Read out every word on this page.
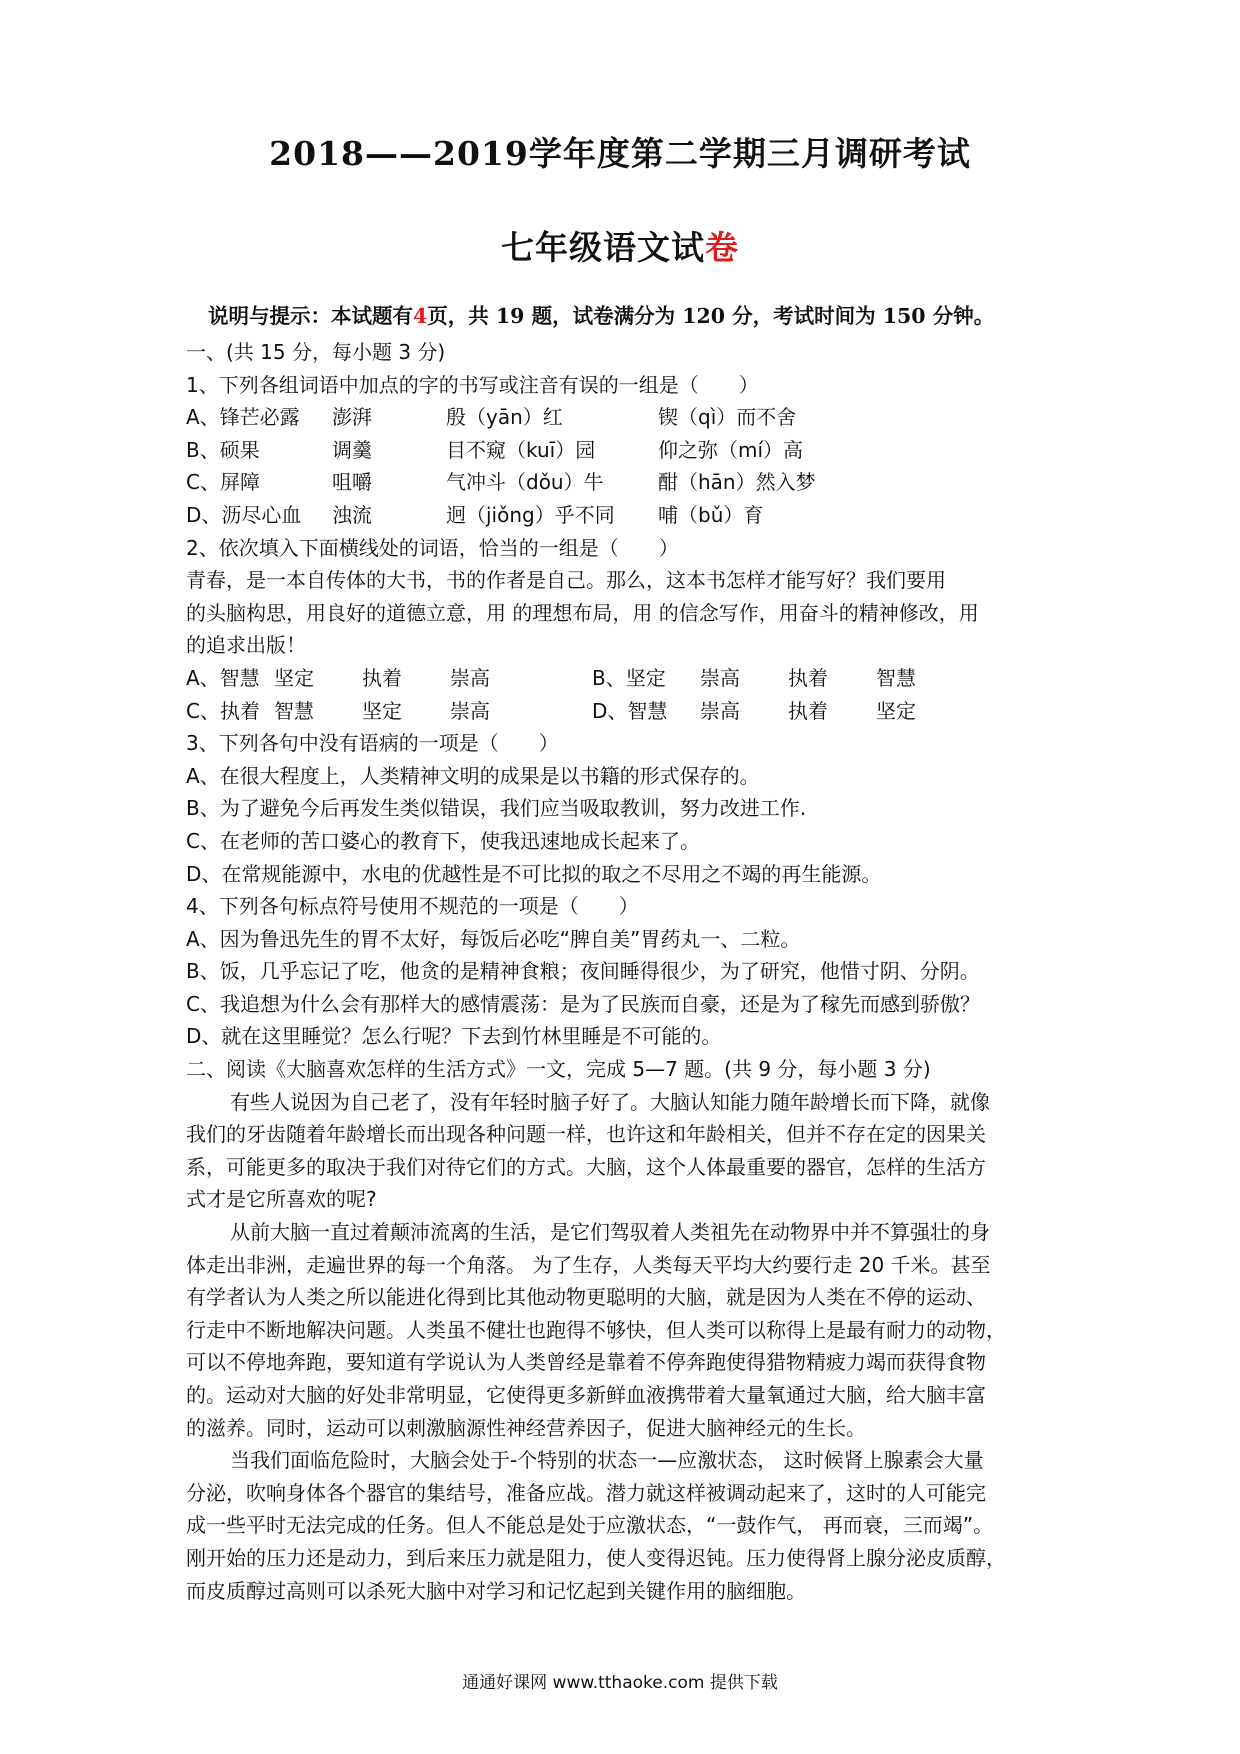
2018——2019学年度第二学期三月调研考试
七年级语文试卷
说明与提示：本试题有4页，共 19 题，试卷满分为 120 分，考试时间为 150 分钟。
一、(共 15 分，每小题 3 分)
1、下列各组词语中加点的字的书写或注音有误的一组是（　　）
A、锋芒必露 澎湃	殷（yān）红	锲（qì）而不舍
B、硕果	调羹	目不窥（kuī）园	仰之弥（mí）高
C、屏障	咀嚼	气冲斗（dǒu）牛	酣（hān）然入梦
D、沥尽心血 浊流	迥（jiǒng）乎不同 哺（bǔ）育
2、依次填入下面横线处的词语，恰当的一组是（　　）
青春，是一本自传体的大书，书的作者是自己。那么，这本书怎样才能写好？我们要用
的头脑构思，用良好的道德立意，用 的理想布局，用 的信念写作，用奋斗的精神修改，用
的追求出版！
A、智慧 坚定 执着 崇高	B、坚定 崇高 执着 智慧
C、执着 智慧 坚定 崇高	D、智慧 崇高 执着 坚定
3、下列各句中没有语病的一项是（　　）
A、在很大程度上，人类精神文明的成果是以书籍的形式保存的。
B、为了避免今后再发生类似错误，我们应当吸取教训，努力改进工作.
C、在老师的苦口婆心的教育下，使我迅速地成长起来了。
D、在常规能源中，水电的优越性是不可比拟的取之不尽用之不竭的再生能源。
4、下列各句标点符号使用不规范的一项是（　　）
A、因为鲁迅先生的胃不太好，每饭后必吃“脾自美”胃药丸一、二粒。
B、饭，几乎忘记了吃，他贪的是精神食粮；夜间睡得很少，为了研究，他惜寸阴、分阴。
C、我追想为什么会有那样大的感情震荡：是为了民族而自豪，还是为了稼先而感到骄傲？
D、就在这里睡觉？怎么行呢？下去到竹林里睡是不可能的。
二、阅读《大脑喜欢怎样的生活方式》一文，完成 5—7 题。(共 9 分，每小题 3 分)
有些人说因为自己老了，没有年轻时脑子好了。大脑认知能力随年龄增长而下降，就像
我们的牙齿随着年龄增长而出现各种问题一样，也许这和年龄相关，但并不存在定的因果关
系，可能更多的取决于我们对待它们的方式。大脑，这个人体最重要的器官，怎样的生活方
式才是它所喜欢的呢?
从前大脑一直过着颠沛流离的生活，是它们驾驭着人类祖先在动物界中并不算强壮的身
体走出非洲，走遍世界的每一个角落。 为了生存，人类每天平均大约要行走 20 千米。甚至
有学者认为人类之所以能进化得到比其他动物更聪明的大脑，就是因为人类在不停的运动、
行走中不断地解决问题。人类虽不健壮也跑得不够快，但人类可以称得上是最有耐力的动物，
可以不停地奔跑，要知道有学说认为人类曾经是靠着不停奔跑使得猎物精疲力竭而获得食物
的。运动对大脑的好处非常明显，它使得更多新鲜血液携带着大量氧通过大脑，给大脑丰富
的滋养。同时，运动可以刺激脑源性神经营养因子，促进大脑神经元的生长。
当我们面临危险时，大脑会处于-个特别的状态一—应激状态， 这时候肾上腺素会大量
分泌，吹响身体各个器官的集结号，准备应战。潜力就这样被调动起来了，这时的人可能完
成一些平时无法完成的任务。但人不能总是处于应激状态，“一鼓作气， 再而衰，三而竭”。
刚开始的压力还是动力，到后来压力就是阻力，使人变得迟钝。压力使得肾上腺分泌皮质醇，
而皮质醇过高则可以杀死大脑中对学习和记忆起到关键作用的脑细胞。
通通好课网 www.tthaoke.com 提供下载
